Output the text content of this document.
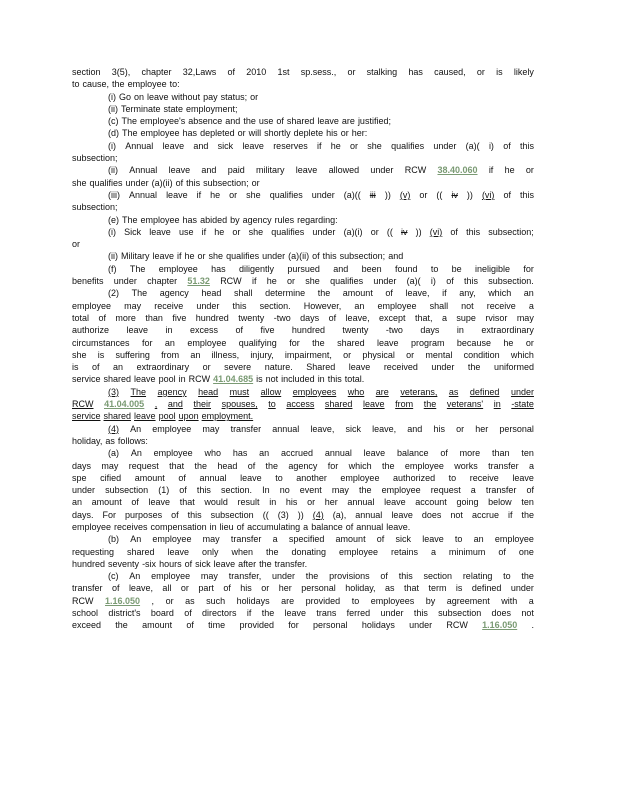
section 3(5), chapter 32,Laws of 2010 1st sp.sess., or stalking has caused, or is likely
to cause, the employee to:
(i) Go on leave without pay status; or
(ii) Terminate state employment;
(c) The employee's absence and the use of shared leave are justified;
(d) The employee has depleted or will shortly deplete his or her:
(i) Annual leave and sick leave reserves if he or she qualifies under (a)( i) of this
subsection;
(ii) Annual leave and paid military leave allowed under RCW 38.40.060 if he or
she qualifies under (a)(ii) of this subsection; or
(iii) Annual leave if he or she qualifies under (a)(( iii )) (v) or (( iv )) (vi) of this
subsection;
(e) The employee has abided by agency rules regarding:
(i) Sick leave use if he or she qualifies under (a)(i) or (( iv )) (vi) of this subsection;
or
(ii) Military leave if he or she qualifies under (a)(ii) of this subsection; and
(f) The employee has diligently pursued and been found to be ineligible for
benefits under chapter 51.32 RCW if he or she qualifies under (a)( i) of this subsection.
(2) The agency head shall determine the amount of leave, if any, which an
employee may receive under this section. However, an employee shall not receive a
total of more than five hundred twenty -two days of leave, except that, a supe rvisor may
authorize leave in excess of five hundred twenty -two days in extraordinary
circumstances for an employee qualifying for the shared leave program because he or
she is suffering from an illness, injury, impairment, or physical or mental condition which
is of an extraordinary or severe nature. Shared leave received under the uniformed
service shared leave pool in RCW 41.04.685 is not included in this total.
(3) The agency head must allow employees who are veterans, as defined under
RCW 41.04.005 , and their spouses, to access shared leave from the veterans' in -state
service shared leave pool upon employment.
(4) An employee may transfer annual leave, sick leave, and his or her personal
holiday, as follows:
(a) An employee who has an accrued annual leave balance of more than ten
days may request that the head of the agency for which the employee works transfer a
spe cified amount of annual leave to another employee authorized to receive leave
under subsection (1) of this section. In no event may the employee request a transfer of
an amount of leave that would result in his or her annual leave account going below ten
days. For purposes of this subsection (( (3) )) (4) (a), annual leave does not accrue if the
employee receives compensation in lieu of accumulating a balance of annual leave.
(b) An employee may transfer a specified amount of sick leave to an employee
requesting shared leave only when the donating employee retains a minimum of one
hundred seventy -six hours of sick leave after the transfer.
(c) An employee may transfer, under the provisions of this section relating to the
transfer of leave, all or part of his or her personal holiday, as that term is defined under
RCW 1.16.050 , or as such holidays are provided to employees by agreement with a
school district's board of directors if the leave trans ferred under this subsection does not
exceed the amount of time provided for personal holidays under RCW 1.16.050 .
